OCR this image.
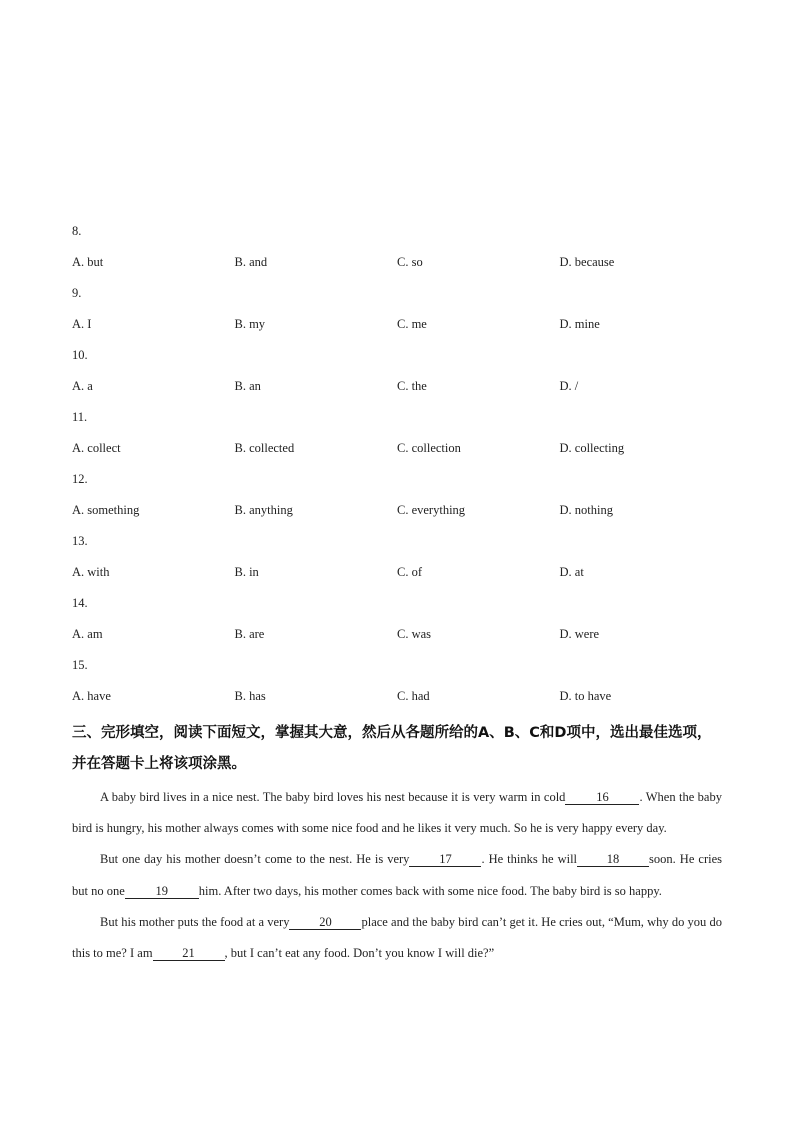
8.
A. but	B. and	C. so	D. because
9.
A. I	B. my	C. me	D. mine
10.
A. a	B. an	C. the	D. /
11.
A. collect	B. collected	C. collection	D. collecting
12.
A. something	B. anything	C. everything	D. nothing
13.
A. with	B. in	C. of	D. at
14.
A. am	B. are	C. was	D. were
15.
A. have	B. has	C. had	D. to have
三、完形填空，阅读下面短文，掌握其大意，然后从各题所给的A、B、C和D项中，选出最佳选项，并在答题卡上将该项涂黑。

A baby bird lives in a nice nest. The baby bird loves his nest because it is very warm in cold 16 . When the baby bird is hungry, his mother always comes with some nice food and he likes it very much. So he is very happy every day.

But one day his mother doesn’t come to the nest. He is very 17 . He thinks he will 18 soon. He cries but no one 19 him. After two days, his mother comes back with some nice food. The baby bird is so happy.

But his mother puts the food at a very 20 place and the baby bird can’t get it. He cries out, “Mum, why do you do this to me? I am 21 , but I can’t eat any food. Don’t you know I will die?”
